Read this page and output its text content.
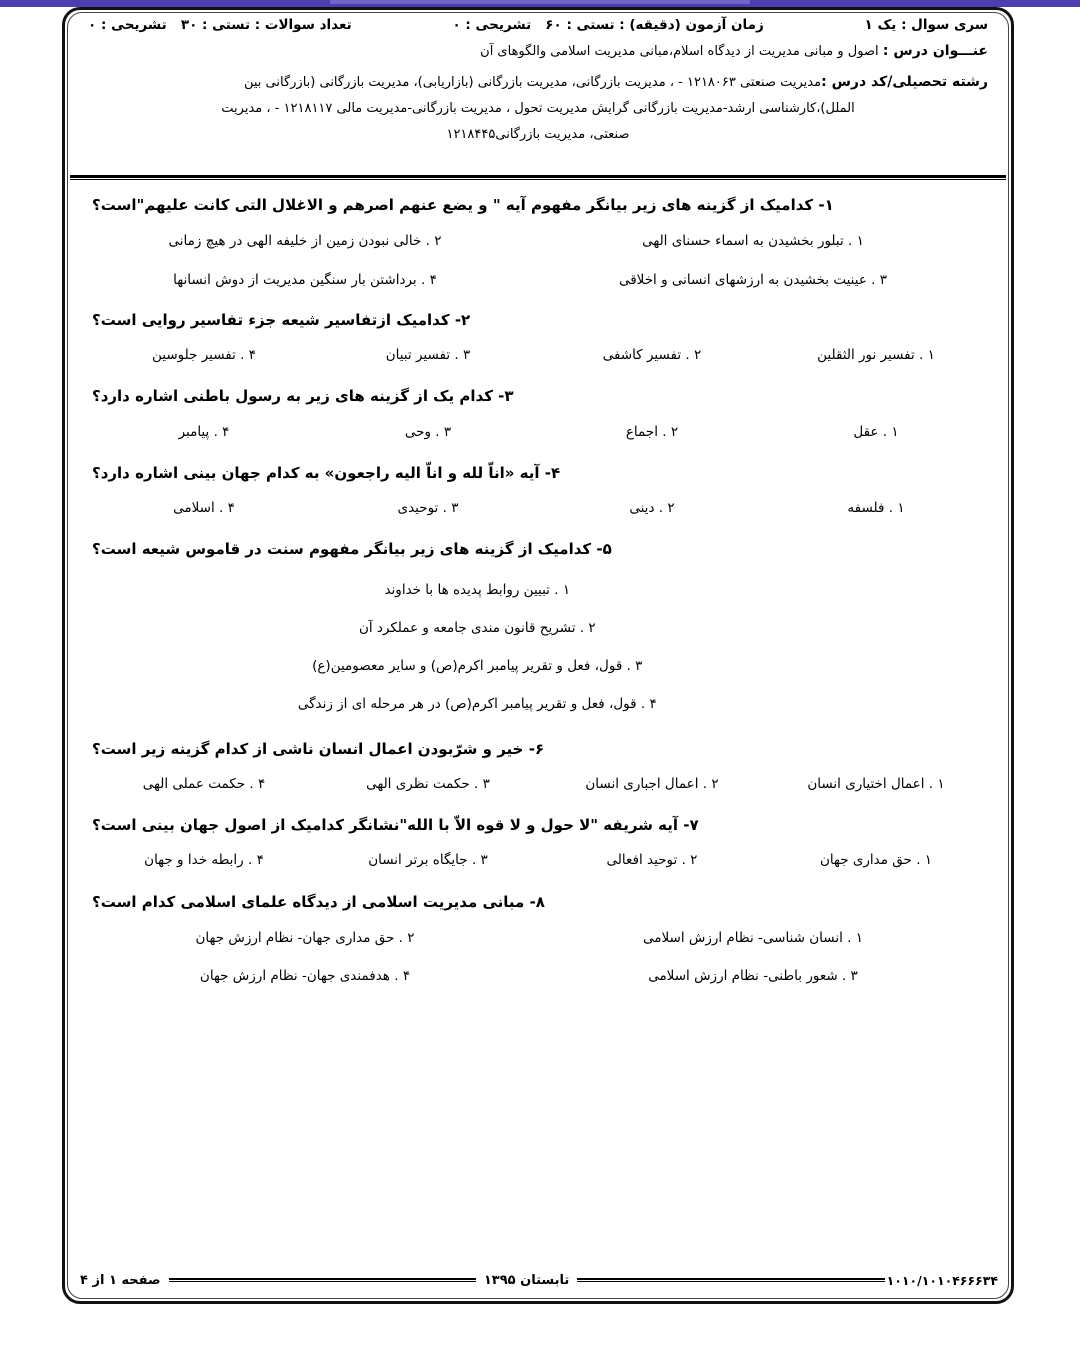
سری سوال : یک ۱
زمان آزمون (دقیقه) : تستی : ۶۰   تشریحی : ۰
تعداد سوالات : تستی : ۳۰   تشریحی : ۰
عنـــوان درس : اصول و مبانی مدیریت از دیدگاه اسلام،مبانی مدیریت اسلامی والگوهای آن
رشته تحصیلی/کد درس :مدیریت صنعتی ۱۲۱۸۰۶۳ - ، مدیریت بازرگانی، مدیریت بازرگانی (بازاریابی)، مدیریت بازرگانی (بازرگانی بین
الملل)،کارشناسی ارشد-مدیریت بازرگانی گرایش مدیریت تحول ، مدیریت بازرگانی-مدیریت مالی ۱۲۱۸۱۱۷ - ، مدیریت
صنعتی، مدیریت بازرگانی۱۲۱۸۴۴۵
۱- کدامیک از گزینه های زیر بیانگر مفهوم آیه " و یضع عنهم اصرهم و الاغلال التی کانت علیهم"است؟
۱ . تبلور بخشیدن به اسماء حسنای الهی
۲ . خالی نبودن زمین از خلیفه الهی در هیچ زمانی
۳ . عینیت بخشیدن به ارزشهای انسانی و اخلاقی
۴ . برداشتن بار سنگین مدیریت از دوش انسانها
۲- کدامیک ازتفاسیر شیعه جزء تفاسیر روایی است؟
۱ . تفسیر نور الثقلین
۲ . تفسیر کاشفی
۳ . تفسیر تبیان
۴ . تفسیر جلوسین
۳- کدام یک از گزینه های زیر به رسول باطنی اشاره دارد؟
۱ . عقل
۲ . اجماع
۳ . وحی
۴ . پیامبر
۴- آیه «اناّ لله و اناّ الیه راجعون» به کدام جهان بینی اشاره دارد؟
۱ . فلسفه
۲ . دینی
۳ . توحیدی
۴ . اسلامی
۵- کدامیک از گزینه های زیر بیانگر مفهوم سنت در قاموس شیعه است؟
۱ . تبیین روابط پدیده ها با خداوند
۲ . تشریح قانون مندی جامعه و عملکرد آن
۳ . قول، فعل و تقریر پیامبر اکرم(ص) و سایر معصومین(ع)
۴ . قول، فعل و تقریر پیامبر اکرم(ص) در هر مرحله ای از زندگی
۶- خیر و شرّبودن اعمال انسان ناشی از کدام گزینه زیر است؟
۱ . اعمال اختیاری انسان
۲ . اعمال اجباری انسان
۳ . حکمت نظری الهی
۴ . حکمت عملی الهی
۷- آیه شریفه "لا حول و لا قوه الاّ با الله"نشانگر کدامیک از اصول جهان بینی است؟
۱ . حق مداری جهان
۲ . توحید افعالی
۳ . جایگاه برتر انسان
۴ . رابطه خدا و جهان
۸- مبانی مدیریت اسلامی از دیدگاه علمای اسلامی کدام است؟
۱ . انسان شناسی- نظام ارزش اسلامی
۲ . حق مداری جهان- نظام ارزش جهان
۳ . شعور باطنی- نظام ارزش اسلامی
۴ . هدفمندی جهان- نظام ارزش جهان
۱۰۱۰/۱۰۱۰۴۶۶۶۳۴
تابستان ۱۳۹۵
صفحه ۱ از ۴
